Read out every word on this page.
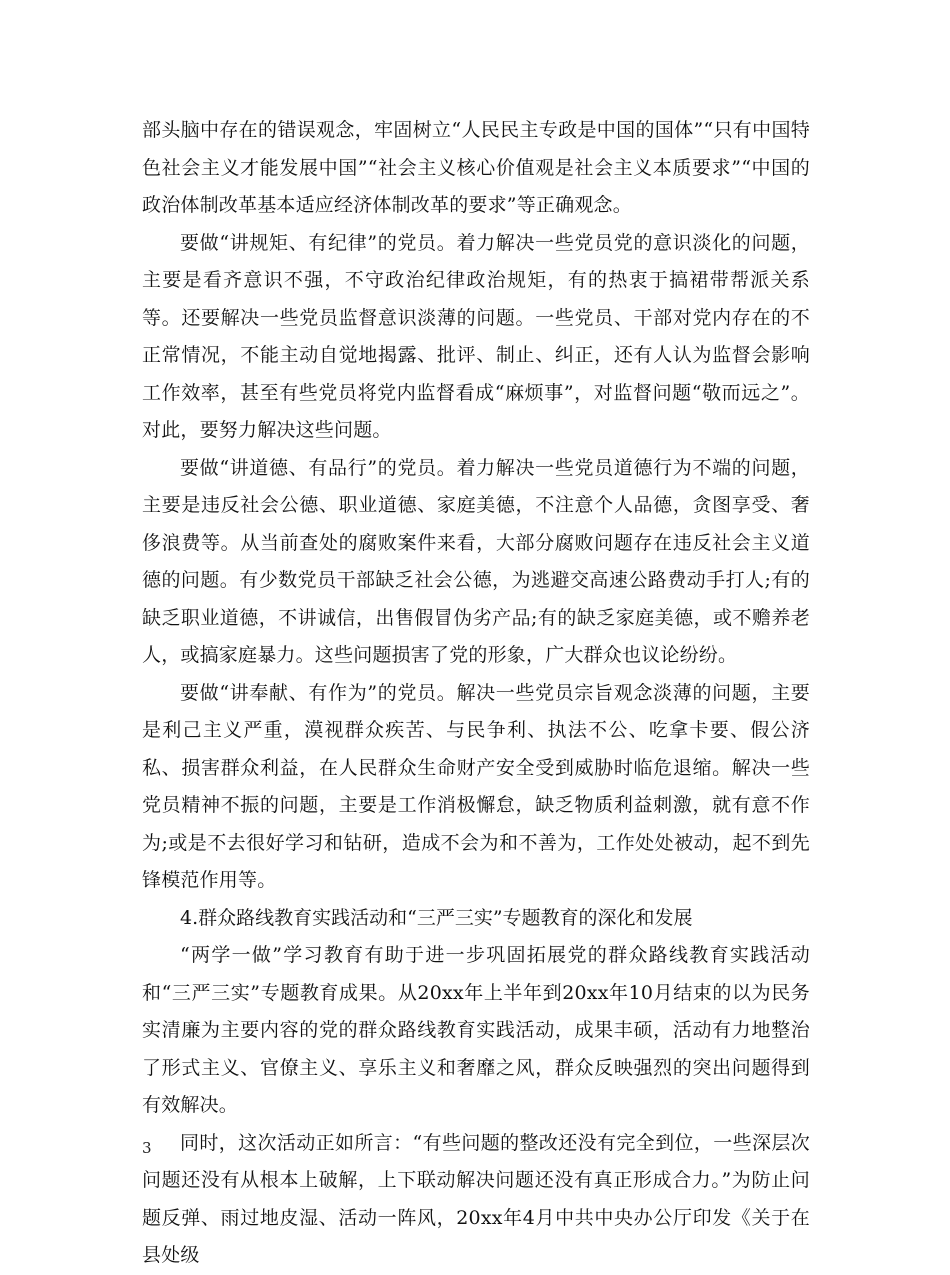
部头脑中存在的错误观念，牢固树立“人民民主专政是中国的国体”“只有中国特色社会主义才能发展中国”“社会主义核心价值观是社会主义本质要求”“中国的政治体制改革基本适应经济体制改革的要求”等正确观念。

要做“讲规矩、有纪律”的党员。着力解决一些党员党的意识淡化的问题，主要是看齐意识不强，不守政治纪律政治规矩，有的热衷于搞裙带帮派关系等。还要解决一些党员监督意识淡薄的问题。一些党员、干部对党内存在的不正常情况，不能主动自觉地揭露、批评、制止、纠正，还有人认为监督会影响工作效率，甚至有些党员将党内监督看成“麻烦事”，对监督问题“敬而远之”。对此，要努力解决这些问题。

要做“讲道德、有品行”的党员。着力解决一些党员道德行为不端的问题，主要是违反社会公德、职业道德、家庭美德，不注意个人品德，贪图享受、奢侈浪费等。从当前查处的腐败案件来看，大部分腐败问题存在违反社会主义道德的问题。有少数党员干部缺乏社会公德，为逃避交高速公路费动手打人;有的缺乏职业道德，不讲诚信，出售假冒伪劣产品;有的缺乏家庭美德，或不赡养老人，或搞家庭暴力。这些问题损害了党的形象，广大群众也议论纷纷。

要做“讲奉献、有作为”的党员。解决一些党员宗旨观念淡薄的问题，主要是利己主义严重，漠视群众疾苦、与民争利、执法不公、吃拿卡要、假公济私、损害群众利益，在人民群众生命财产安全受到威胁时临危退缩。解决一些党员精神不振的问题，主要是工作消极懈怠，缺乏物质利益刺激，就有意不作为;或是不去很好学习和钻研，造成不会为和不善为，工作处处被动，起不到先锋模范作用等。

4.群众路线教育实践活动和“三严三实”专题教育的深化和发展

“两学一做”学习教育有助于进一步巩固拓展党的群众路线教育实践活动和“三严三实”专题教育成果。从20xx年上半年到20xx年10月结束的以为民务实清廉为主要内容的党的群众路线教育实践活动，成果丰硕，活动有力地整治了形式主义、官僚主义、享乐主义和奢靡之风，群众反映强烈的突出问题得到有效解决。

同时，这次活动正如所言：“有些问题的整改还没有完全到位，一些深层次问题还没有从根本上破解，上下联动解决问题还没有真正形成合力。”为防止问题反弹、雨过地皮湿、活动一阵风，20xx年4月中共中央办公厅印发《关于在县处级

3
